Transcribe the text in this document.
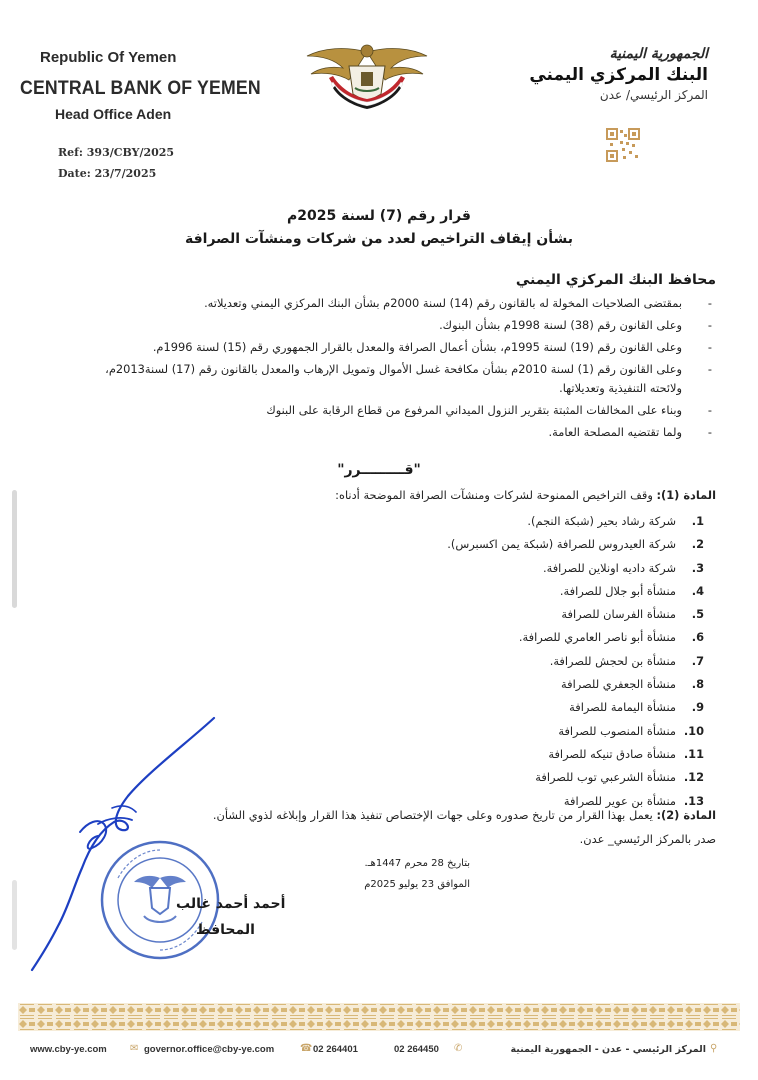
Republic Of Yemen
CENTRAL BANK OF YEMEN
Head Office Aden
Ref: 393/CBY/2025
Date: 23/7/2025
الجمهورية اليمنية
البنك المركزي اليمني
المركز الرئيسي/ عدن
قرار رقم (7) لسنة 2025م
بشأن إيقاف التراخيص لعدد من شركات ومنشآت الصرافة
محافظ البنك المركزي اليمني
-
بمقتضى الصلاحيات المخولة له بالقانون رقم (14) لسنة 2000م بشأن البنك المركزي اليمني وتعديلاته.
-
وعلى القانون رقم (38) لسنة 1998م بشأن البنوك.
-
وعلى القانون رقم (19) لسنة 1995م، بشأن أعمال الصرافة والمعدل بالقرار الجمهوري رقم (15) لسنة 1996م.
-
وعلى القانون رقم (1) لسنة 2010م بشأن مكافحة غسل الأموال وتمويل الإرهاب والمعدل بالقانون رقم (17) لسنة2013م، ولائحته التنفيذية وتعديلاتها.
-
وبناء على المخالفات المثبتة بتقرير النزول الميداني المرفوع من قطاع الرقابة على البنوك
-
ولما تقتضيه المصلحة العامة.
"قـــــــــرر"
المادة (1): وقف التراخيص الممنوحة لشركات ومنشآت الصرافة الموضحة أدناه:
1.شركة رشاد بحير (شبكة النجم).
2.شركة العيدروس للصرافة (شبكة يمن اكسبرس).
3.شركة داديه اونلاين للصرافة.
4.منشأة أبو جلال للصرافة.
5.منشأة الفرسان للصرافة
6.منشأة أبو ناصر العامري للصرافة.
7.منشأة بن لحجش للصرافة.
8.منشأة الجعفري للصرافة
9.منشأة اليمامة للصرافة
10.منشأة المنصوب للصرافة
11.منشأة صادق تنيكه للصرافة
12.منشأة الشرعبي توب للصرافة
13.منشأة بن عوير للصرافة
المادة (2): يعمل بهذا القرار من تاريخ صدوره وعلى جهات الإختصاص تنفيذ هذا القرار وإبلاغه لذوي الشأن.
صدر بالمركز الرئيسي_ عدن.
بتاريخ 28 محرم 1447هـ.
الموافق 23 يوليو 2025م
أحمد أحمد غالب
المحافظ
www.cby-ye.com ✉ governor.office@cby-ye.com	☎ 02 264401	02 264450 ✆	المركز الرئيسي - عدن - الجمهورية اليمنية ⚲
